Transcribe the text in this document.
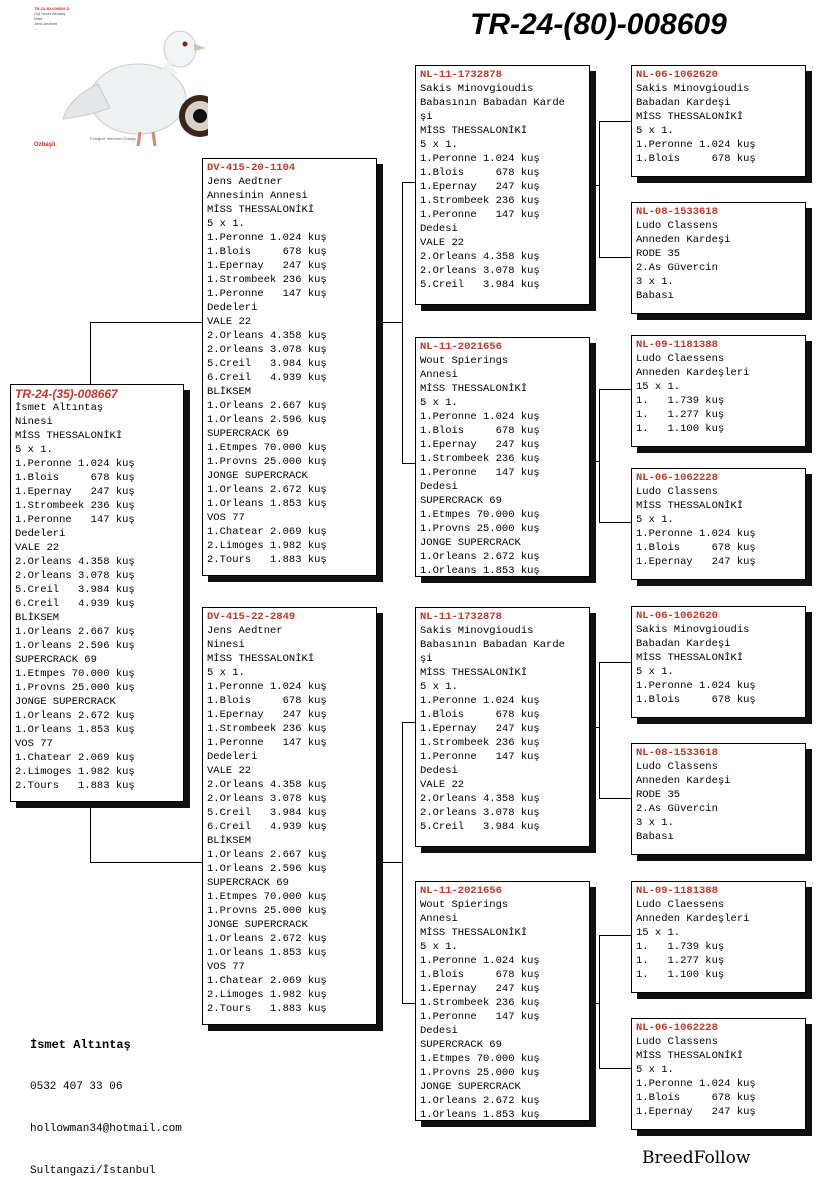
TR-24-(80)-008609
TR-23-80-008609 D
Orji İsmet Altıntaş
Nine
Jens Aedtner
...
Ozbaşlı
Fotoğraf: Mehmet Özbaşlı
TR-24-(35)-008667
İsmet Altıntaş
Ninesi
MİSS THESSALONİKİ
5 x 1.
1.Peronne 1.024 kuş
1.Blois     678 kuş
1.Epernay   247 kuş
1.Strombeek 236 kuş
1.Peronne   147 kuş
Dedeleri
VALE 22
2.Orleans 4.358 kuş
2.Orleans 3.078 kuş
5.Creil   3.984 kuş
6.Creil   4.939 kuş
BLİKSEM
1.Orleans 2.667 kuş
1.Orleans 2.596 kuş
SUPERCRACK 69
1.Etmpes 70.000 kuş
1.Provns 25.000 kuş
JONGE SUPERCRACK
1.Orleans 2.672 kuş
1.Orleans 1.853 kuş
VOS 77
1.Chatear 2.069 kuş
2.Limoges 1.982 kuş
2.Tours   1.883 kuş
DV-415-20-1104
Jens Aedtner
Annesinin Annesi
MİSS THESSALONİKİ
5 x 1.
1.Peronne 1.024 kuş
1.Blois     678 kuş
1.Epernay   247 kuş
1.Strombeek 236 kuş
1.Peronne   147 kuş
Dedeleri
VALE 22
2.Orleans 4.358 kuş
2.Orleans 3.078 kuş
5.Creil   3.984 kuş
6.Creil   4.939 kuş
BLİKSEM
1.Orleans 2.667 kuş
1.Orleans 2.596 kuş
SUPERCRACK 69
1.Etmpes 70.000 kuş
1.Provns 25.000 kuş
JONGE SUPERCRACK
1.Orleans 2.672 kuş
1.Orleans 1.853 kuş
VOS 77
1.Chatear 2.069 kuş
2.Limoges 1.982 kuş
2.Tours   1.883 kuş
DV-415-22-2849
Jens Aedtner
Ninesi
MİSS THESSALONİKİ
5 x 1.
1.Peronne 1.024 kuş
1.Blois     678 kuş
1.Epernay   247 kuş
1.Strombeek 236 kuş
1.Peronne   147 kuş
Dedeleri
VALE 22
2.Orleans 4.358 kuş
2.Orleans 3.078 kuş
5.Creil   3.984 kuş
6.Creil   4.939 kuş
BLİKSEM
1.Orleans 2.667 kuş
1.Orleans 2.596 kuş
SUPERCRACK 69
1.Etmpes 70.000 kuş
1.Provns 25.000 kuş
JONGE SUPERCRACK
1.Orleans 2.672 kuş
1.Orleans 1.853 kuş
VOS 77
1.Chatear 2.069 kuş
2.Limoges 1.982 kuş
2.Tours   1.883 kuş
NL-11-1732878
Sakis Minovgioudis
Babasının Babadan Karde
şi
MİSS THESSALONİKİ
5 x 1.
1.Peronne 1.024 kuş
1.Blois     678 kuş
1.Epernay   247 kuş
1.Strombeek 236 kuş
1.Peronne   147 kuş
Dedesi
VALE 22
2.Orleans 4.358 kuş
2.Orleans 3.078 kuş
5.Creil   3.984 kuş
NL-11-2021656
Wout Spierings
Annesi
MİSS THESSALONİKİ
5 x 1.
1.Peronne 1.024 kuş
1.Blois     678 kuş
1.Epernay   247 kuş
1.Strombeek 236 kuş
1.Peronne   147 kuş
Dedesi
SUPERCRACK 69
1.Etmpes 70.000 kuş
1.Provns 25.000 kuş
JONGE SUPERCRACK
1.Orleans 2.672 kuş
1.Orleans 1.853 kuş
NL-11-1732878
Sakis Minovgioudis
Babasının Babadan Karde
şi
MİSS THESSALONİKİ
5 x 1.
1.Peronne 1.024 kuş
1.Blois     678 kuş
1.Epernay   247 kuş
1.Strombeek 236 kuş
1.Peronne   147 kuş
Dedesi
VALE 22
2.Orleans 4.358 kuş
2.Orleans 3.078 kuş
5.Creil   3.984 kuş
NL-11-2021656
Wout Spierings
Annesi
MİSS THESSALONİKİ
5 x 1.
1.Peronne 1.024 kuş
1.Blois     678 kuş
1.Epernay   247 kuş
1.Strombeek 236 kuş
1.Peronne   147 kuş
Dedesi
SUPERCRACK 69
1.Etmpes 70.000 kuş
1.Provns 25.000 kuş
JONGE SUPERCRACK
1.Orleans 2.672 kuş
1.Orleans 1.853 kuş
NL-06-1062620
Sakis Minovgioudis
Babadan Kardeşi
MİSS THESSALONİKİ
5 x 1.
1.Peronne 1.024 kuş
1.Blois     678 kuş
NL-08-1533618
Ludo Classens
Anneden Kardeşi
RODE 35
2.As Güvercin
3 x 1.
Babası
NL-09-1181388
Ludo Claessens
Anneden Kardeşleri
15 x 1.
1.   1.739 kuş
1.   1.277 kuş
1.   1.100 kuş
NL-06-1062228
Ludo Classens
MİSS THESSALONİKİ
5 x 1.
1.Peronne 1.024 kuş
1.Blois     678 kuş
1.Epernay   247 kuş
NL-06-1062620
Sakis Minovgioudis
Babadan Kardeşi
MİSS THESSALONİKİ
5 x 1.
1.Peronne 1.024 kuş
1.Blois     678 kuş
NL-08-1533618
Ludo Classens
Anneden Kardeşi
RODE 35
2.As Güvercin
3 x 1.
Babası
NL-09-1181388
Ludo Claessens
Anneden Kardeşleri
15 x 1.
1.   1.739 kuş
1.   1.277 kuş
1.   1.100 kuş
NL-06-1062228
Ludo Classens
MİSS THESSALONİKİ
5 x 1.
1.Peronne 1.024 kuş
1.Blois     678 kuş
1.Epernay   247 kuş

İsmet Altıntaş

0532 407 33 06

hollowman34@hotmail.com

Sultangazi/İstanbul

BreedFollow
